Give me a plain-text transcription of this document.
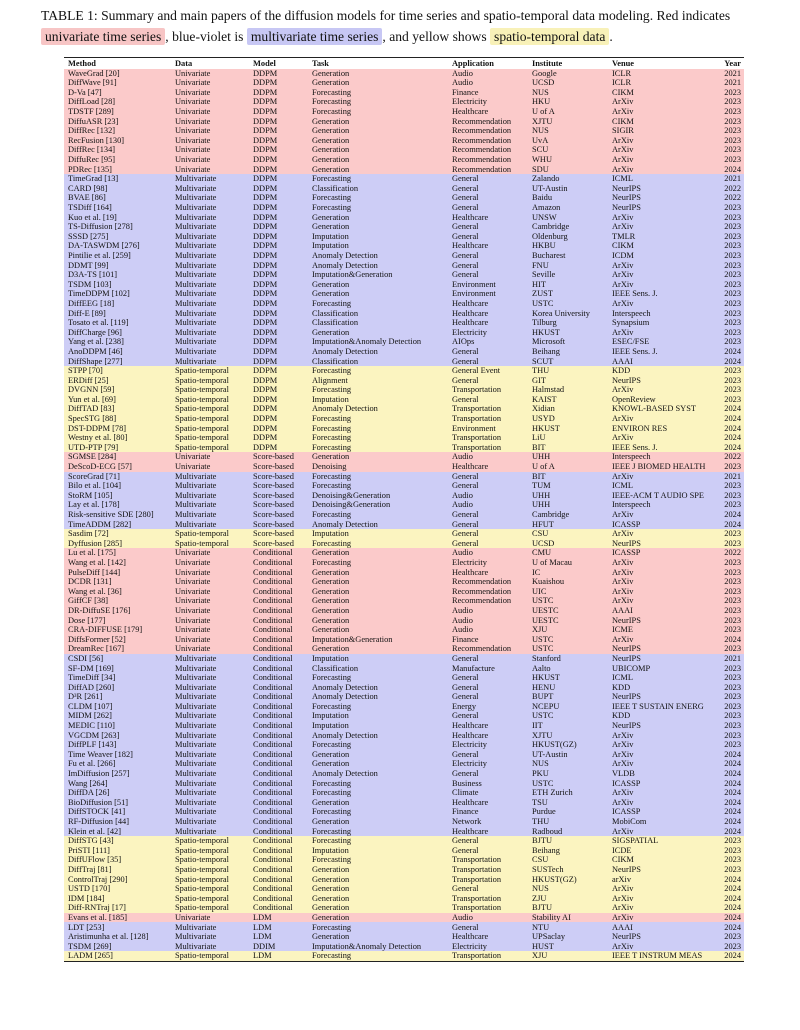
TABLE 1: Summary and main papers of the diffusion models for time series and spatio-temporal data modeling. Red indicates univariate time series , blue-violet is multivariate time series , and yellow shows spatio-temporal data .
Method	Data	Model	Task	Application	Institute	Venue	Year
WaveGrad [20]	Univariate	DDPM	Generation	Audio	Google	ICLR	2021
DiffWave [91]	Univariate	DDPM	Generation	Audio	UCSD	ICLR	2021
D-Va [47]	Univariate	DDPM	Forecasting	Finance	NUS	CIKM	2023
DiffLoad [28]	Univariate	DDPM	Forecasting	Electricity	HKU	ArXiv	2023
TDSTF [289]	Univariate	DDPM	Forecasting	Healthcare	U of A	ArXiv	2023
DiffuASR [23]	Univariate	DDPM	Generation	Recommendation	XJTU	CIKM	2023
DiffRec [132]	Univariate	DDPM	Generation	Recommendation	NUS	SIGIR	2023
RecFusion [130]	Univariate	DDPM	Generation	Recommendation	UvA	ArXiv	2023
DiffRec [134]	Univariate	DDPM	Generation	Recommendation	SCU	ArXiv	2023
DiffuRec [95]	Univariate	DDPM	Generation	Recommendation	WHU	ArXiv	2023
PDRec [135]	Univariate	DDPM	Generation	Recommendation	SDU	ArXiv	2024
TimeGrad [13]	Multivariate	DDPM	Forecasting	General	Zalando	ICML	2021
CARD [98]	Multivariate	DDPM	Classification	General	UT-Austin	NeurIPS	2022
BVAE [86]	Multivariate	DDPM	Forecasting	General	Baidu	NeurIPS	2022
TSDiff [164]	Multivariate	DDPM	Forecasting	General	Amazon	NeurIPS	2023
Kuo et al. [19]	Multivariate	DDPM	Generation	Healthcare	UNSW	ArXiv	2023
TS-Diffusion [278]	Multivariate	DDPM	Generation	General	Cambridge	ArXiv	2023
SSSD [275]	Multivariate	DDPM	Imputation	General	Oldenburg	TMLR	2023
DA-TASWDM [276]	Multivariate	DDPM	Imputation	Healthcare	HKBU	CIKM	2023
Pintilie et al. [259]	Multivariate	DDPM	Anomaly Detection	General	Bucharest	ICDM	2023
DDMT [99]	Multivariate	DDPM	Anomaly Detection	General	FNU	ArXiv	2023
D3A-TS [101]	Multivariate	DDPM	Imputation&Generation	General	Seville	ArXiv	2023
TSDM [103]	Multivariate	DDPM	Generation	Environment	HIT	ArXiv	2023
TimeDDPM [102]	Multivariate	DDPM	Generation	Environment	ZUST	IEEE Sens. J.	2023
DiffEEG [18]	Multivariate	DDPM	Forecasting	Healthcare	USTC	ArXiv	2023
Diff-E [89]	Multivariate	DDPM	Classification	Healthcare	Korea University	Interspeech	2023
Tosato et al. [119]	Multivariate	DDPM	Classification	Healthcare	Tilburg	Synapsium	2023
DiffCharge [96]	Multivariate	DDPM	Generation	Electricity	HKUST	ArXiv	2023
Yang et al. [238]	Multivariate	DDPM	Imputation&Anomaly Detection	AIOps	Microsoft	ESEC/FSE	2023
AnoDDPM [46]	Multivariate	DDPM	Anomaly Detection	General	Beihang	IEEE Sens. J.	2024
DiffShape [277]	Multivariate	DDPM	Classification	General	SCUT	AAAI	2024
STPP [70]	Spatio-temporal	DDPM	Forecasting	General Event	THU	KDD	2023
ERDiff [25]	Spatio-temporal	DDPM	Alignment	General	GIT	NeurIPS	2023
DVGNN [59]	Spatio-temporal	DDPM	Forecasting	Transportation	Halmstad	ArXiv	2023
Yun et al. [69]	Spatio-temporal	DDPM	Imputation	General	KAIST	OpenReview	2023
DiffTAD [83]	Spatio-temporal	DDPM	Anomaly Detection	Transportation	Xidian	KNOWL-BASED SYST	2024
SpecSTG [88]	Spatio-temporal	DDPM	Forecasting	Transportation	USYD	ArXiv	2024
DST-DDPM [78]	Spatio-temporal	DDPM	Forecasting	Environment	HKUST	ENVIRON RES	2024
Westny et al. [80]	Spatio-temporal	DDPM	Forecasting	Transportation	LiU	ArXiv	2024
UTD-PTP [79]	Spatio-temporal	DDPM	Forecasting	Transportation	BIT	IEEE Sens. J.	2024
SGMSE [284]	Univariate	Score-based	Generation	Audio	UHH	Interspeech	2022
DeScoD-ECG [57]	Univariate	Score-based	Denoising	Healthcare	U of A	IEEE J BIOMED HEALTH	2023
ScoreGrad [71]	Multivariate	Score-based	Forecasting	General	BIT	ArXiv	2021
Bilo et al. [104]	Multivariate	Score-based	Forecasting	General	TUM	ICML	2023
StoRM [105]	Multivariate	Score-based	Denoising&Generation	Audio	UHH	IEEE-ACM T AUDIO SPE	2023
Lay et al. [178]	Multivariate	Score-based	Denoising&Generation	Audio	UHH	Interspeech	2023
Risk-sensitive SDE [280]	Multivariate	Score-based	Forecasting	General	Cambridge	ArXiv	2024
TimeADDM [282]	Multivariate	Score-based	Anomaly Detection	General	HFUT	ICASSP	2024
Sasdim [72]	Spatio-temporal	Score-based	Imputation	General	CSU	ArXiv	2023
Dyffusion [285]	Spatio-temporal	Score-based	Forecasting	General	UCSD	NeurIPS	2023
Lu et al. [175]	Univariate	Conditional	Generation	Audio	CMU	ICASSP	2022
Wang et al. [142]	Univariate	Conditional	Forecasting	Electricity	U of Macau	ArXiv	2023
PulseDiff [144]	Univariate	Conditional	Generation	Healthcare	IC	ArXiv	2023
DCDR [131]	Univariate	Conditional	Generation	Recommendation	Kuaishou	ArXiv	2023
Wang et al. [36]	Univariate	Conditional	Generation	Recommendation	UIC	ArXiv	2023
GiffCF [38]	Univariate	Conditional	Generation	Recommendation	USTC	ArXiv	2023
DR-DiffuSE [176]	Univariate	Conditional	Generation	Audio	UESTC	AAAI	2023
Dose [177]	Univariate	Conditional	Generation	Audio	UESTC	NeurIPS	2023
CRA-DIFFUSE [179]	Univariate	Conditional	Generation	Audio	XJU	ICME	2023
DiffsFormer [52]	Univariate	Conditional	Imputation&Generation	Finance	USTC	ArXiv	2024
DreamRec [167]	Univariate	Conditional	Generation	Recommendation	USTC	NeurIPS	2023
CSDI [56]	Multivariate	Conditional	Imputation	General	Stanford	NeurIPS	2021
SF-DM [169]	Multivariate	Conditional	Classification	Manufacture	Aalto	UBICOMP	2023
TimeDiff [34]	Multivariate	Conditional	Forecasting	General	HKUST	ICML	2023
DiffAD [260]	Multivariate	Conditional	Anomaly Detection	General	HENU	KDD	2023
D³R [261]	Multivariate	Conditional	Anomaly Detection	General	BUPT	NeurIPS	2023
CLDM [107]	Multivariate	Conditional	Forecasting	Energy	NCEPU	IEEE T SUSTAIN ENERG	2023
MIDM [262]	Multivariate	Conditional	Imputation	General	USTC	KDD	2023
MEDIC [110]	Multivariate	Conditional	Imputation	Healthcare	IIT	NeurIPS	2023
VGCDM [263]	Multivariate	Conditional	Anomaly Detection	Healthcare	XJTU	ArXiv	2023
DiffPLF [143]	Multivariate	Conditional	Forecasting	Electricity	HKUST(GZ)	ArXiv	2023
Time Weaver [182]	Multivariate	Conditional	Generation	General	UT-Austin	ArXiv	2024
Fu et al. [266]	Multivariate	Conditional	Generation	Electricity	NUS	ArXiv	2024
ImDiffusion [257]	Multivariate	Conditional	Anomaly Detection	General	PKU	VLDB	2024
Wang [264]	Multivariate	Conditional	Forecasting	Business	USTC	ICASSP	2024
DiffDA [26]	Multivariate	Conditional	Forecasting	Climate	ETH Zurich	ArXiv	2024
BioDiffusion [51]	Multivariate	Conditional	Generation	Healthcare	TSU	ArXiv	2024
DiffSTOCK [41]	Multivariate	Conditional	Forecasting	Finance	Purdue	ICASSP	2024
RF-Diffusion [44]	Multivariate	Conditional	Generation	Network	THU	MobiCom	2024
Klein et al. [42]	Multivariate	Conditional	Forecasting	Healthcare	Radboud	ArXiv	2024
DiffSTG [43]	Spatio-temporal	Conditional	Forecasting	General	BJTU	SIGSPATIAL	2023
PriSTI [111]	Spatio-temporal	Conditional	Imputation	General	Beihang	ICDE	2023
DiffUFlow [35]	Spatio-temporal	Conditional	Forecasting	Transportation	CSU	CIKM	2023
DiffTraj [81]	Spatio-temporal	Conditional	Generation	Transportation	SUSTech	NeurIPS	2023
ControlTraj [290]	Spatio-temporal	Conditional	Generation	Transportation	HKUST(GZ)	arXiv	2024
USTD [170]	Spatio-temporal	Conditional	Generation	General	NUS	ArXiv	2024
IDM [184]	Spatio-temporal	Conditional	Generation	Transportation	ZJU	ArXiv	2024
Diff-RNTraj [17]	Spatio-temporal	Conditional	Generation	Transportation	BJTU	ArXiv	2024
Evans et al. [185]	Univariate	LDM	Generation	Audio	Stability AI	ArXiv	2024
LDT [253]	Multivariate	LDM	Forecasting	General	NTU	AAAI	2024
Aristimunha et al. [128]	Multivariate	LDM	Generation	Healthcare	UPSaclay	NeurIPS	2023
TSDM [269]	Multivariate	DDIM	Imputation&Anomaly Detection	Electricity	HUST	ArXiv	2023
LADM [265]	Spatio-temporal	LDM	Forecasting	Transportation	XJU	IEEE T INSTRUM MEAS	2024
